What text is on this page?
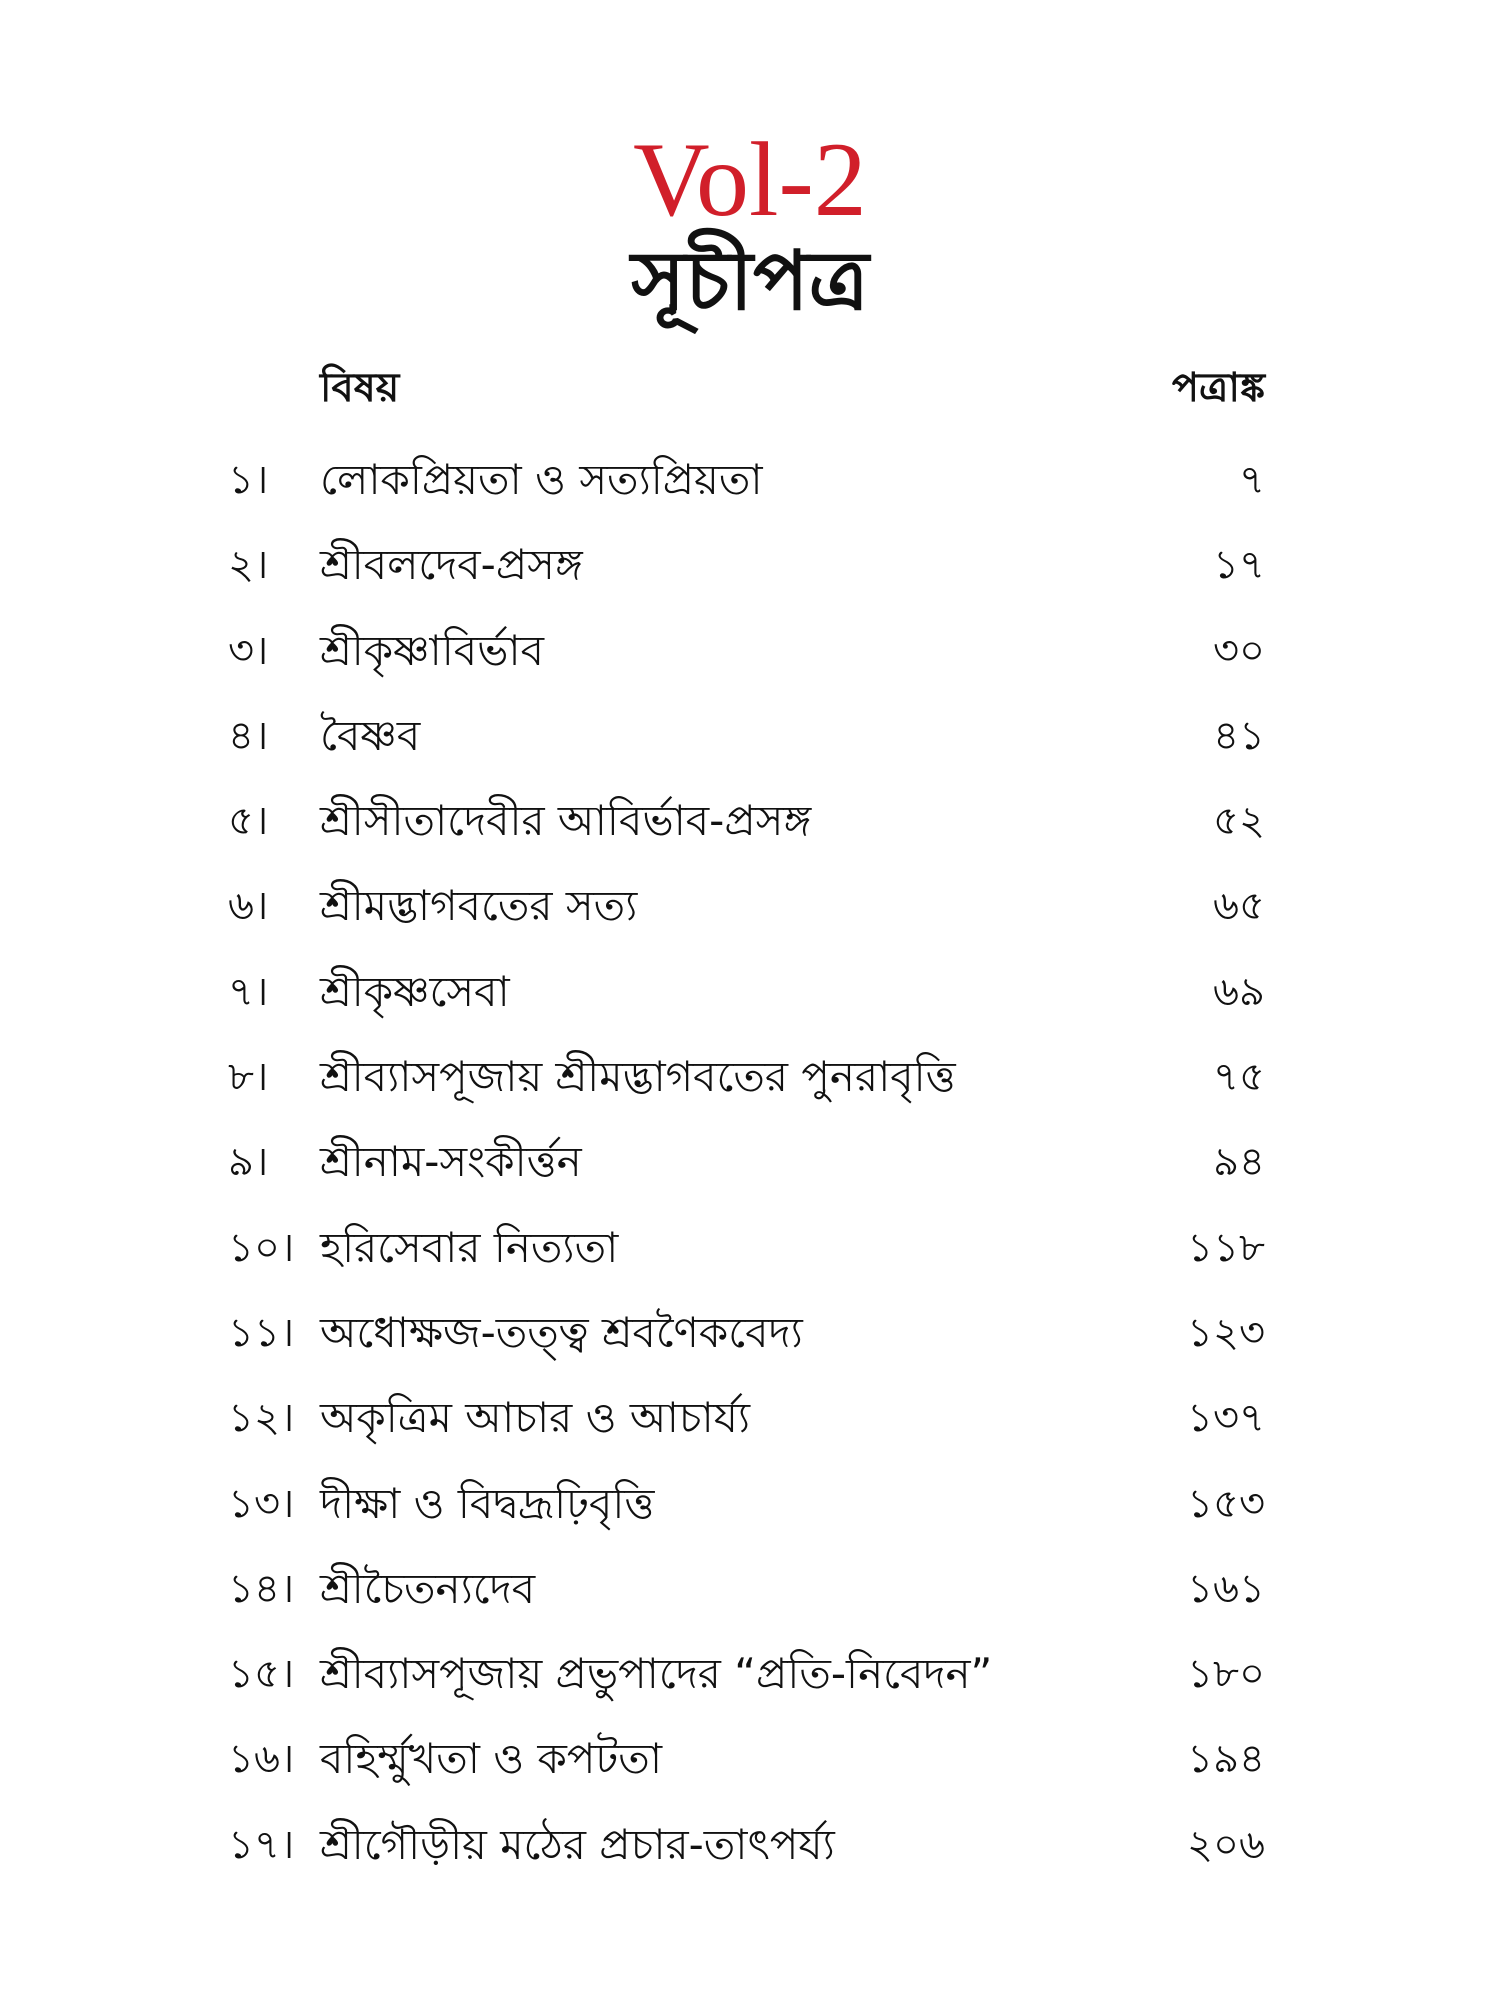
Vol-2
সূচীপত্র
বিষয়	পত্রাঙ্ক
১। লোকপ্রিয়তা ও সত্যপ্রিয়তা	৭
২। শ্রীবলদেব-প্রসঙ্গ	১৭
৩। শ্রীকৃষ্ণাবির্ভাব	৩০
৪। বৈষ্ণব	৪১
৫। শ্রীসীতাদেবীর আবির্ভাব-প্রসঙ্গ	৫২
৬। শ্রীমদ্ভাগবতের সত্য	৬৫
৭। শ্রীকৃষ্ণসেবা	৬৯
৮। শ্রীব্যাসপূজায় শ্রীমদ্ভাগবতের পুনরাবৃত্তি	৭৫
৯। শ্রীনাম-সংকীর্ত্তন	৯৪
১০। হরিসেবার নিত্যতা	১১৮
১১। অধোক্ষজ-তত্ত্ব শ্রবণৈকবেদ্য	১২৩
১২। অকৃত্রিম আচার ও আচার্য্য	১৩৭
১৩। দীক্ষা ও বিদ্বদ্রূঢ়িবৃত্তি	১৫৩
১৪। শ্রীচৈতন্যদেব	১৬১
১৫। শ্রীব্যাসপূজায় প্রভুপাদের “প্রতি-নিবেদন”	১৮০
১৬। বহির্ম্মুখতা ও কপটতা	১৯৪
১৭। শ্রীগৌড়ীয় মঠের প্রচার-তাৎপর্য্য	২০৬
